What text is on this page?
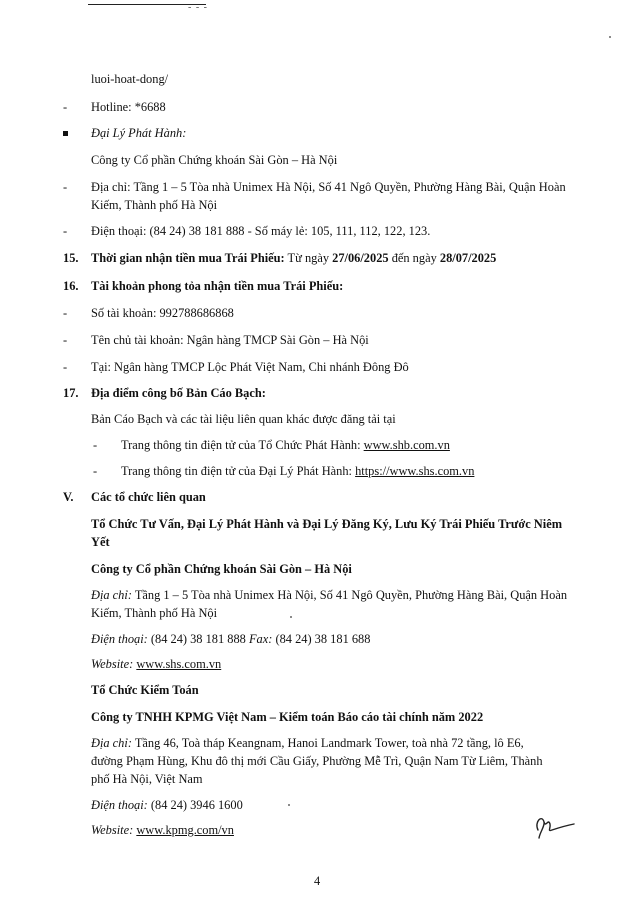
- - -
luoi-hoat-dong/
-	Hotline: *6688
Đại Lý Phát Hành:
Công ty Cổ phần Chứng khoán Sài Gòn – Hà Nội
-	Địa chỉ: Tầng 1 – 5 Tòa nhà Unimex Hà Nội, Số 41 Ngô Quyền, Phường Hàng Bài, Quận Hoàn
Kiếm, Thành phố Hà Nội
-	Điện thoại: (84 24) 38 181 888 - Số máy lẻ: 105, 111, 112, 122, 123.
15. Thời gian nhận tiền mua Trái Phiếu: Từ ngày 27/06/2025 đến ngày 28/07/2025
16. Tài khoản phong tỏa nhận tiền mua Trái Phiếu:
-	Số tài khoản: 992788686868
-	Tên chủ tài khoản: Ngân hàng TMCP Sài Gòn – Hà Nội
-	Tại: Ngân hàng TMCP Lộc Phát Việt Nam, Chi nhánh Đông Đô
17. Địa điểm công bố Bản Cáo Bạch:
Bản Cáo Bạch và các tài liệu liên quan khác được đăng tải tại
-	Trang thông tin điện tử của Tổ Chức Phát Hành: www.shb.com.vn
-	Trang thông tin điện tử của Đại Lý Phát Hành: https://www.shs.com.vn
V. Các tổ chức liên quan
Tổ Chức Tư Vấn, Đại Lý Phát Hành và Đại Lý Đăng Ký, Lưu Ký Trái Phiếu Trước Niêm
Yết
Công ty Cổ phần Chứng khoán Sài Gòn – Hà Nội
Địa chỉ: Tầng 1 – 5 Tòa nhà Unimex Hà Nội, Số 41 Ngô Quyền, Phường Hàng Bài, Quận Hoàn
Kiếm, Thành phố Hà Nội
Điện thoại: (84 24) 38 181 888 Fax: (84 24) 38 181 688
Website: www.shs.com.vn
Tổ Chức Kiểm Toán
Công ty TNHH KPMG Việt Nam – Kiểm toán Báo cáo tài chính năm 2022
Địa chỉ: Tầng 46, Toà tháp Keangnam, Hanoi Landmark Tower, toà nhà 72 tầng, lô E6,
đường Phạm Hùng, Khu đô thị mới Cầu Giấy, Phường Mễ Trì, Quận Nam Từ Liêm, Thành
phố Hà Nội, Việt Nam
Điện thoại: (84 24) 3946 1600
Website: www.kpmg.com/vn
4
